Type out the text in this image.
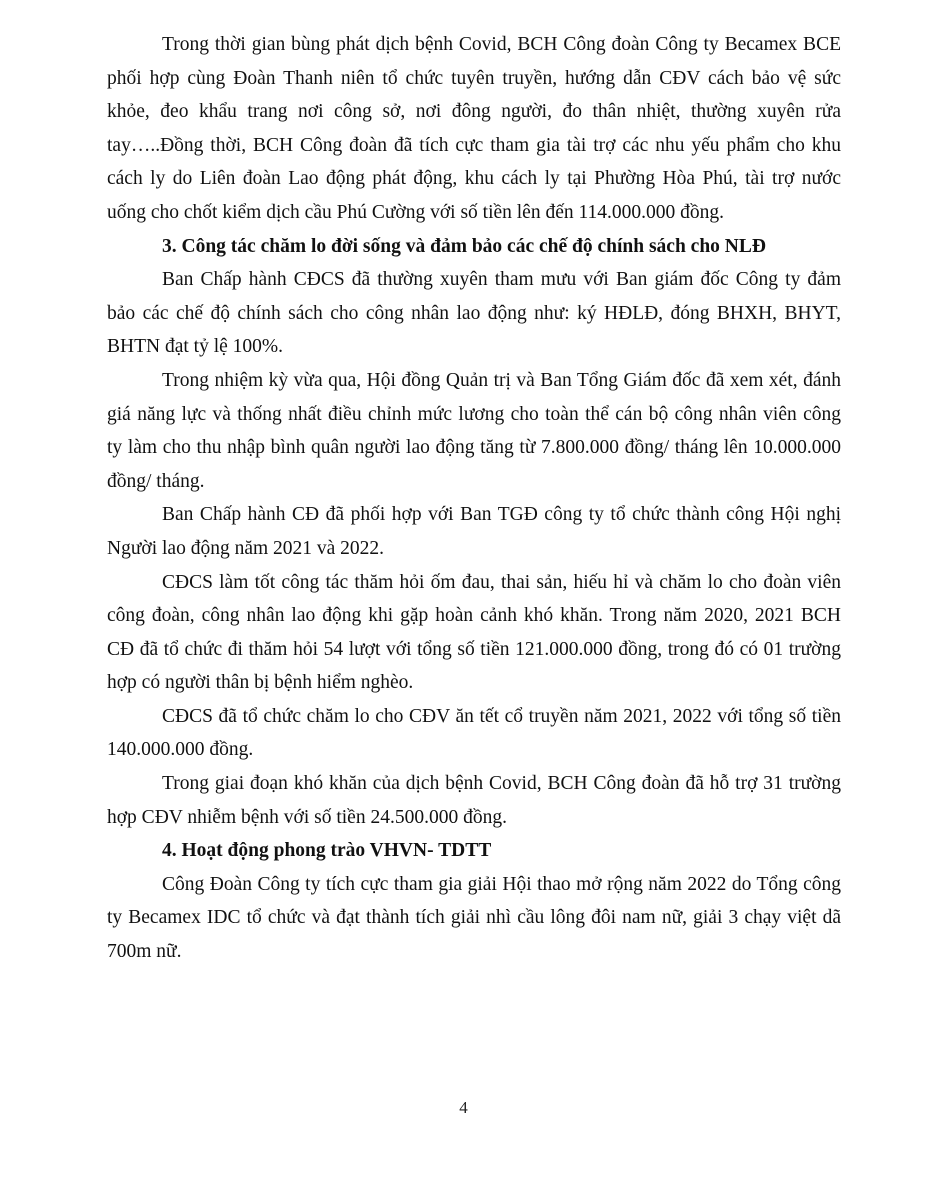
Trong thời gian bùng phát dịch bệnh Covid, BCH Công đoàn Công ty Becamex BCE
phối hợp cùng Đoàn Thanh niên tổ chức tuyên truyền, hướng dẫn CĐV cách bảo vệ sức
khỏe, đeo khẩu trang nơi công sở, nơi đông người, đo thân nhiệt, thường xuyên rửa
tay…..Đồng thời, BCH Công đoàn đã tích cực tham gia tài trợ các nhu yếu phẩm cho khu
cách ly do Liên đoàn Lao động phát động, khu cách ly tại Phường Hòa Phú, tài trợ nước
uống cho chốt kiểm dịch cầu Phú Cường với số tiền lên đến 114.000.000 đồng.
3. Công tác chăm lo đời sống và đảm bảo các chế độ chính sách cho NLĐ
Ban Chấp hành CĐCS đã thường xuyên tham mưu với Ban giám đốc Công ty đảm
bảo các chế độ chính sách cho công nhân lao động như: ký HĐLĐ, đóng BHXH, BHYT,
BHTN đạt tỷ lệ 100%.
Trong nhiệm kỳ vừa qua, Hội đồng Quản trị và Ban Tổng Giám đốc đã xem xét, đánh
giá năng lực và thống nhất điều chỉnh mức lương cho toàn thể cán bộ công nhân viên công
ty làm cho thu nhập bình quân người lao động tăng từ 7.800.000 đồng/ tháng lên 10.000.000
đồng/ tháng.
Ban Chấp hành CĐ đã phối hợp với Ban TGĐ công ty tổ chức thành công Hội nghị
Người lao động năm 2021 và 2022.
CĐCS làm tốt công tác thăm hỏi ốm đau, thai sản, hiếu hỉ và chăm lo cho đoàn viên
công đoàn, công nhân lao động khi gặp hoàn cảnh khó khăn. Trong năm 2020, 2021 BCH
CĐ đã tổ chức đi thăm hỏi 54 lượt với tổng số tiền 121.000.000 đồng, trong đó có 01 trường
hợp có người thân bị bệnh hiểm nghèo.
CĐCS đã tổ chức chăm lo cho CĐV ăn tết cổ truyền năm 2021, 2022 với tổng số tiền
140.000.000 đồng.
Trong giai đoạn khó khăn của dịch bệnh Covid, BCH Công đoàn đã hỗ trợ 31 trường
hợp CĐV nhiễm bệnh với số tiền 24.500.000 đồng.
4. Hoạt động phong trào VHVN- TDTT
Công Đoàn Công ty tích cực tham gia giải Hội thao mở rộng năm 2022 do Tổng công
ty Becamex IDC tổ chức và đạt thành tích giải nhì cầu lông đôi nam nữ, giải 3 chạy việt dã
700m nữ.
4
